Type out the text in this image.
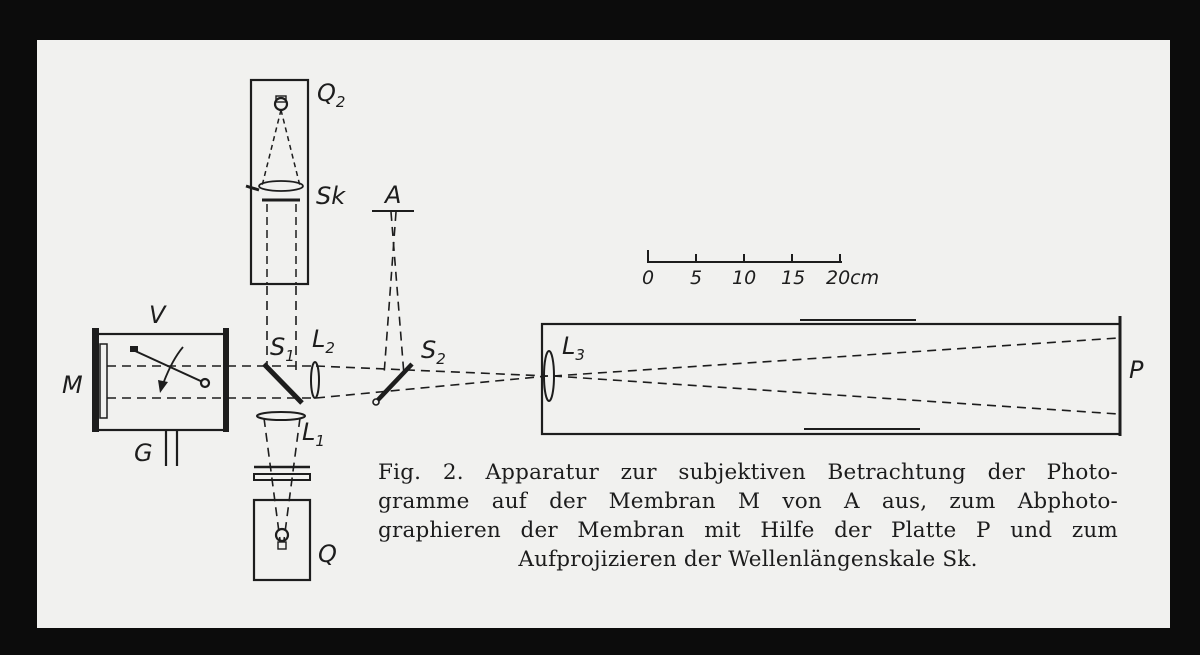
M
V
G
$S_1$
$L_2$
$L_1$
$Q_2$
Sk
Q
A
$S_2$	$L_3$
P
0 5 10 15 20cm
Fig. 2. Apparatur zur subjektiven Betrachtung der Photo-
gramme auf der Membran M von A aus, zum Abphoto-
graphieren der Membran mit Hilfe der Platte P und zum
Aufprojizieren der Wellenlängenskale Sk.
